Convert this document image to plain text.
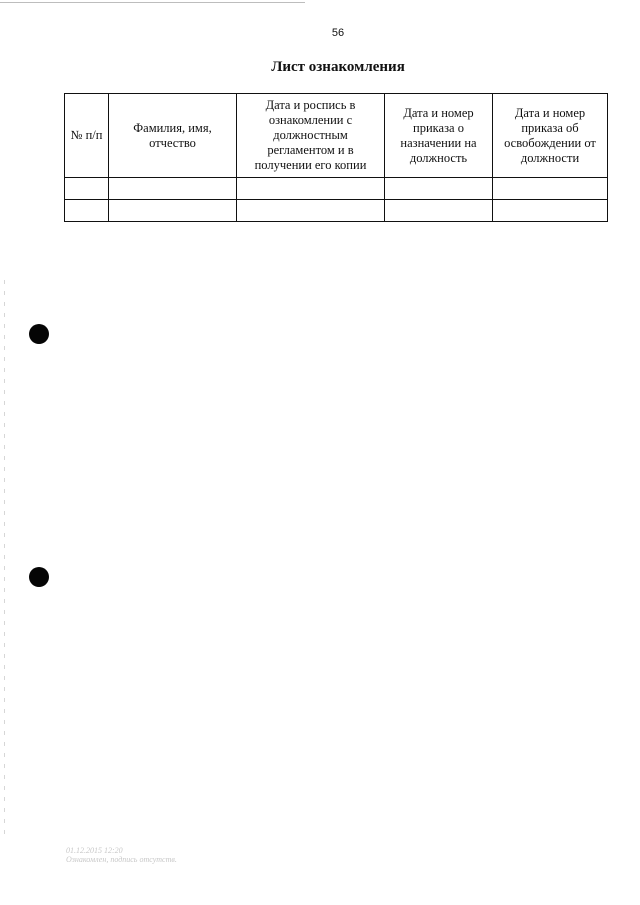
56
Лист ознакомления
№ п/п	Фамилия, имя, отчество	Дата и роспись в ознакомлении с должностным регламентом и в получении его копии	Дата и номер приказа о назначении на должность	Дата и номер приказа об освобождении от должности

01.12.2015 12:20
Ознакомлен, подпись отсутств.
